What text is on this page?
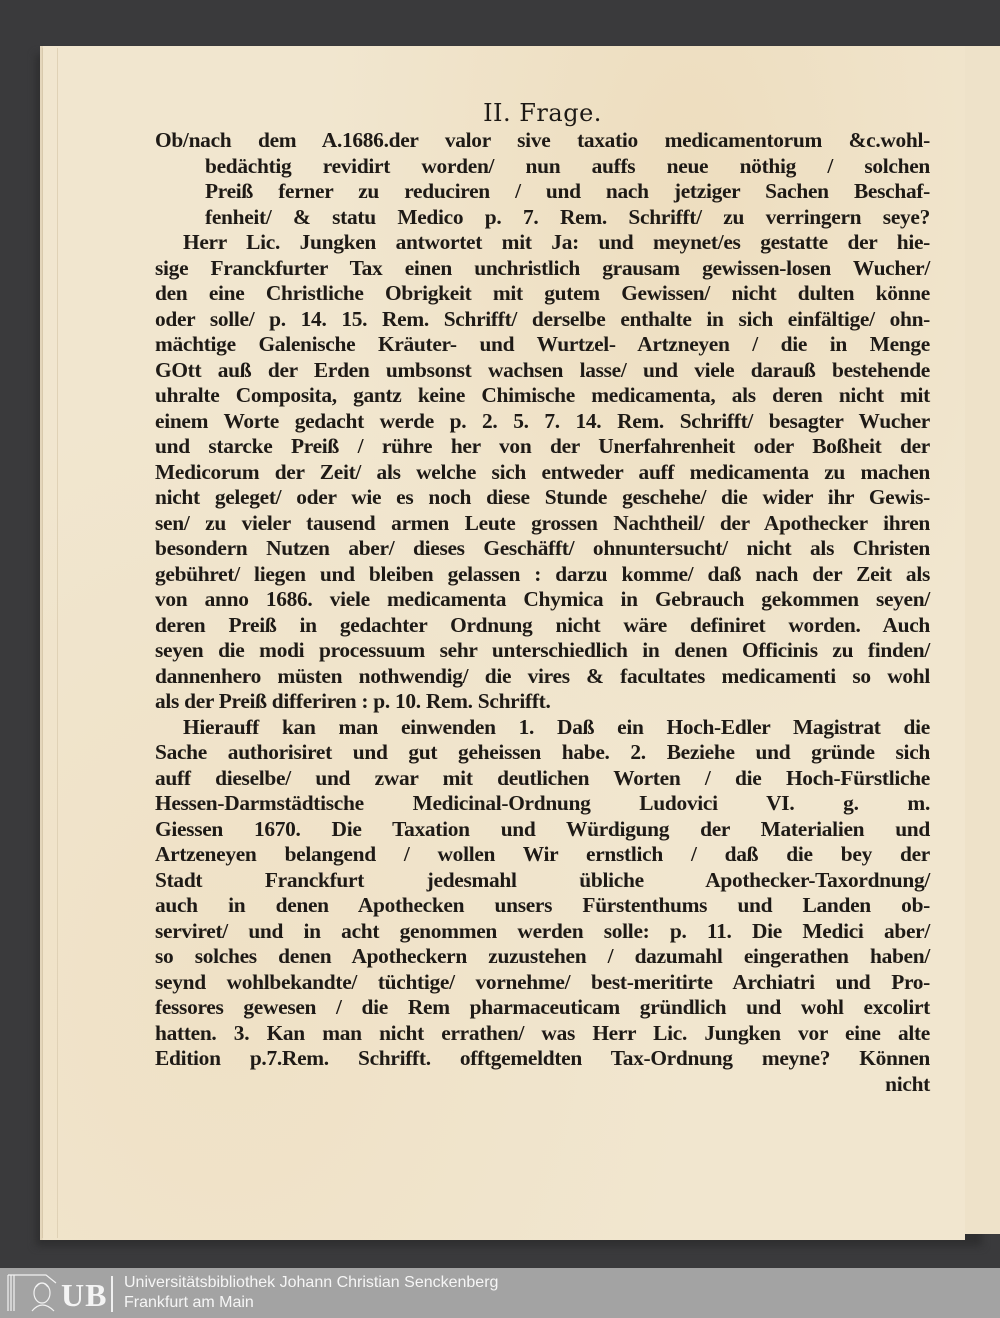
II. Frage.
Ob/nach dem A.1686.der valor sive taxatio medicamentorum &c.wohl-
bedächtig revidirt worden/ nun auffs neue nöthig / solchen
Preiß ferner zu reduciren / und nach jetziger Sachen Beschaf-
fenheit/ & statu Medico p. 7. Rem. Schrifft/ zu verringern seye?
Herr Lic. Jungken antwortet mit Ja: und meynet/es gestatte der hie-
sige Franckfurter Tax einen unchristlich grausam gewissen-losen Wucher/
den eine Christliche Obrigkeit mit gutem Gewissen/ nicht dulten könne
oder solle/ p. 14. 15. Rem. Schrifft/ derselbe enthalte in sich einfältige/ ohn-
mächtige Galenische Kräuter- und Wurtzel- Artzneyen / die in Menge
GOtt auß der Erden umbsonst wachsen lasse/ und viele darauß bestehende
uhralte Composita, gantz keine Chimische medicamenta, als deren nicht mit
einem Worte gedacht werde p. 2. 5. 7. 14. Rem. Schrifft/ besagter Wucher
und starcke Preiß / rühre her von der Unerfahrenheit oder Boßheit der
Medicorum der Zeit/ als welche sich entweder auff medicamenta zu machen
nicht geleget/ oder wie es noch diese Stunde geschehe/ die wider ihr Gewis-
sen/ zu vieler tausend armen Leute grossen Nachtheil/ der Apothecker ihren
besondern Nutzen aber/ dieses Geschäfft/ ohnuntersucht/ nicht als Christen
gebühret/ liegen und bleiben gelassen : darzu komme/ daß nach der Zeit als
von anno 1686. viele medicamenta Chymica in Gebrauch gekommen seyen/
deren Preiß in gedachter Ordnung nicht wäre definiret worden. Auch
seyen die modi processuum sehr unterschiedlich in denen Officinis zu finden/
dannenhero müsten nothwendig/ die vires & facultates medicamenti so wohl
als der Preiß differiren : p. 10. Rem. Schrifft.
Hierauff kan man einwenden 1. Daß ein Hoch-Edler Magistrat die
Sache authorisiret und gut geheissen habe. 2. Beziehe und gründe sich
auff dieselbe/ und zwar mit deutlichen Worten / die Hoch-Fürstliche
Hessen-Darmstädtische Medicinal-Ordnung Ludovici VI. g. m.
Giessen 1670. Die Taxation und Würdigung der Materialien und
Artzeneyen belangend / wollen Wir ernstlich / daß die bey der
Stadt Franckfurt jedesmahl übliche Apothecker-Taxordnung/
auch in denen Apothecken unsers Fürstenthums und Landen ob-
serviret/ und in acht genommen werden solle: p. 11. Die Medici aber/
so solches denen Apotheckern zuzustehen / dazumahl eingerathen haben/
seynd wohlbekandte/ tüchtige/ vornehme/ best-meritirte Archiatri und Pro-
fessores gewesen / die Rem pharmaceuticam gründlich und wohl excolirt
hatten. 3. Kan man nicht errathen/ was Herr Lic. Jungken vor eine alte
Edition p.7.Rem. Schrifft. offtgemeldten Tax-Ordnung meyne? Können
nicht
UB Universitätsbibliothek Johann Christian Senckenberg
Frankfurt am Main
